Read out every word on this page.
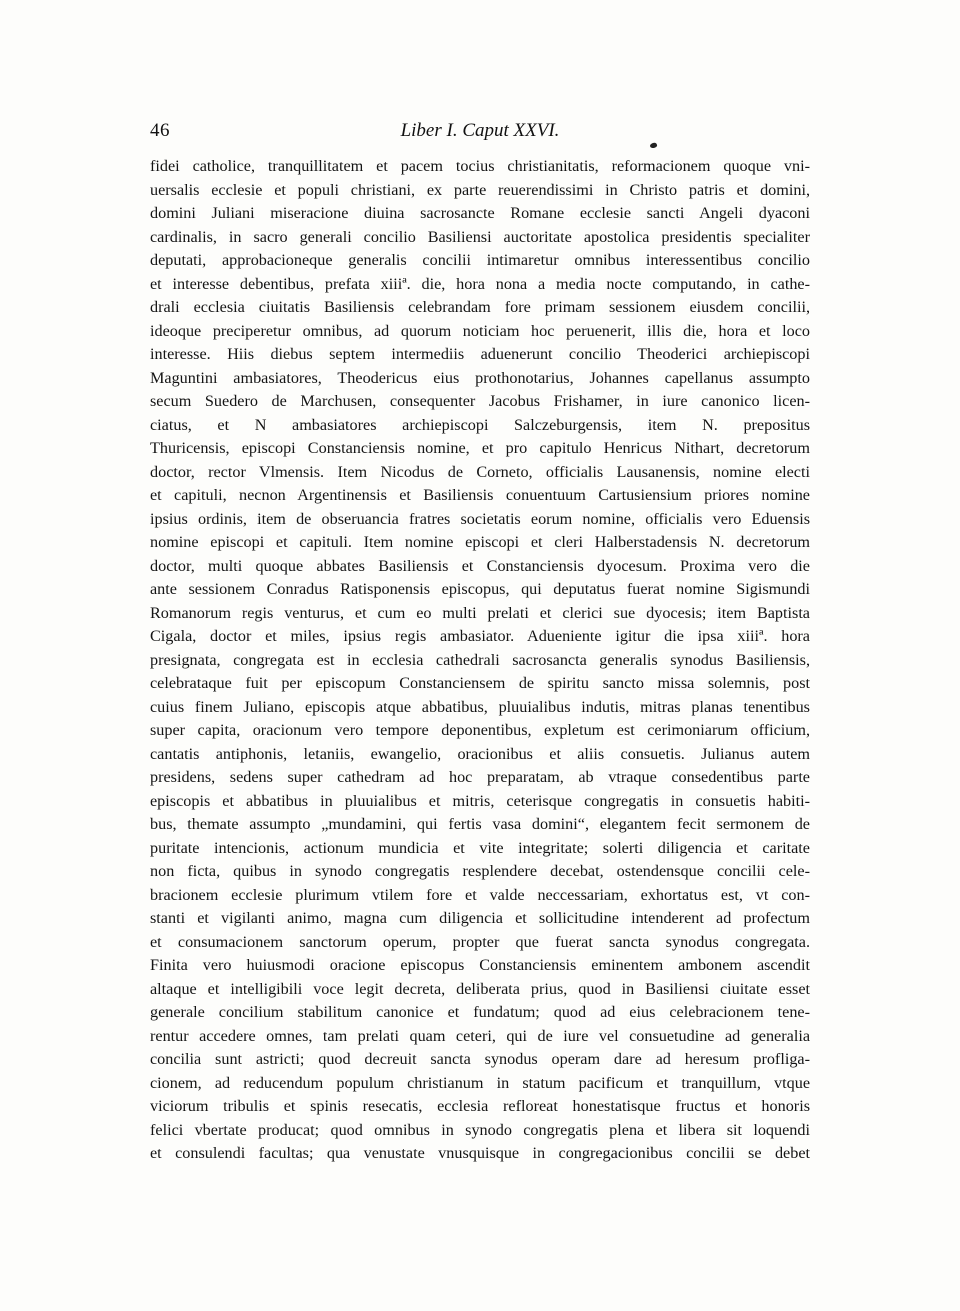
46	Liber I. Caput XXVI.
fidei catholice, tranquillitatem et pacem tocius christianitatis, reformacionem quoque vni-
uersalis ecclesie et populi christiani, ex parte reuerendissimi in Christo patris et domini,
domini Juliani miseracione diuina sacrosancte Romane ecclesie sancti Angeli dyaconi
cardinalis, in sacro generali concilio Basiliensi auctoritate apostolica presidentis specialiter
deputati, approbacioneque generalis concilii intimaretur omnibus interessentibus concilio
et interesse debentibus, prefata xiiiª. die, hora nona a media nocte computando, in cathe-
drali ecclesia ciuitatis Basiliensis celebrandam fore primam sessionem eiusdem concilii,
ideoque preciperetur omnibus, ad quorum noticiam hoc peruenerit, illis die, hora et loco
interesse. Hiis diebus septem intermediis aduenerunt concilio Theoderici archiepiscopi
Maguntini ambasiatores, Theodericus eius prothonotarius, Johannes capellanus assumpto
secum Suedero de Marchusen, consequenter Jacobus Frishamer, in iure canonico licen-
ciatus, et N ambasiatores archiepiscopi Salczeburgensis, item N. prepositus
Thuricensis, episcopi Constanciensis nomine, et pro capitulo Henricus Nithart, decretorum
doctor, rector Vlmensis. Item Nicodus de Corneto, officialis Lausanensis, nomine electi
et capituli, necnon Argentinensis et Basiliensis conuentuum Cartusiensium priores nomine
ipsius ordinis, item de obseruancia fratres societatis eorum nomine, officialis vero Eduensis
nomine episcopi et capituli. Item nomine episcopi et cleri Halberstadensis N. decretorum
doctor, multi quoque abbates Basiliensis et Constanciensis dyocesum. Proxima vero die
ante sessionem Conradus Ratisponensis episcopus, qui deputatus fuerat nomine Sigismundi
Romanorum regis venturus, et cum eo multi prelati et clerici sue dyocesis; item Baptista
Cigala, doctor et miles, ipsius regis ambasiator. Adueniente igitur die ipsa xiiiª. hora
presignata, congregata est in ecclesia cathedrali sacrosancta generalis synodus Basiliensis,
celebrataque fuit per episcopum Constanciensem de spiritu sancto missa solemnis, post
cuius finem Juliano, episcopis atque abbatibus, pluuialibus indutis, mitras planas tenentibus
super capita, oracionum vero tempore deponentibus, expletum est cerimoniarum officium,
cantatis antiphonis, letaniis, ewangelio, oracionibus et aliis consuetis. Julianus autem
presidens, sedens super cathedram ad hoc preparatam, ab vtraque consedentibus parte
episcopis et abbatibus in pluuialibus et mitris, ceterisque congregatis in consuetis habiti-
bus, themate assumpto „mundamini, qui fertis vasa domini“, elegantem fecit sermonem de
puritate intencionis, actionum mundicia et vite integritate; solerti diligencia et caritate
non ficta, quibus in synodo congregatis resplendere decebat, ostendensque concilii cele-
bracionem ecclesie plurimum vtilem fore et valde neccessariam, exhortatus est, vt con-
stanti et vigilanti animo, magna cum diligencia et sollicitudine intenderent ad profectum
et consumacionem sanctorum operum, propter que fuerat sancta synodus congregata.
Finita vero huiusmodi oracione episcopus Constanciensis eminentem ambonem ascendit
altaque et intelligibili voce legit decreta, deliberata prius, quod in Basiliensi ciuitate esset
generale concilium stabilitum canonice et fundatum; quod ad eius celebracionem tene-
rentur accedere omnes, tam prelati quam ceteri, qui de iure vel consuetudine ad generalia
concilia sunt astricti; quod decreuit sancta synodus operam dare ad heresum profliga-
cionem, ad reducendum populum christianum in statum pacificum et tranquillum, vtque
viciorum tribulis et spinis resecatis, ecclesia refloreat honestatisque fructus et honoris
felici vbertate producat; quod omnibus in synodo congregatis plena et libera sit loquendi
et consulendi facultas; qua venustate vnusquisque in congregacionibus concilii se debet
